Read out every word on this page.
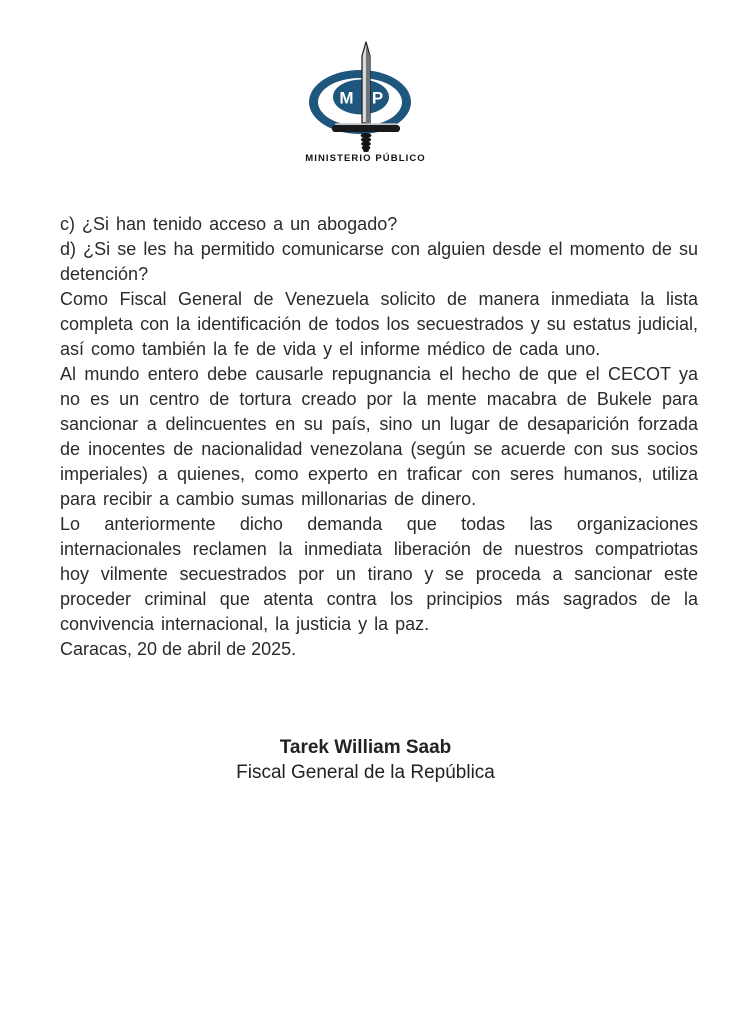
M P
MINISTERIO PÚBLICO

c) ¿Si han tenido acceso a un abogado?

d) ¿Si se les ha permitido comunicarse con alguien desde el momento de su detención?

Como Fiscal General de Venezuela solicito de manera inmediata la lista completa con la identificación de todos los secuestrados y su estatus judicial, así como también la fe de vida y el informe médico de cada uno.

Al mundo entero debe causarle repugnancia el hecho de que el CECOT ya no es un centro de tortura creado por la mente macabra de Bukele para sancionar a delincuentes en su país, sino un lugar de desaparición forzada de inocentes de nacionalidad venezolana (según se acuerde con sus socios imperiales) a quienes, como experto en traficar con seres humanos, utiliza para recibir a cambio sumas millonarias de dinero.

Lo anteriormente dicho demanda que todas las organizaciones internacionales reclamen la inmediata liberación de nuestros compatriotas hoy vilmente secuestrados por un tirano y se proceda a sancionar este proceder criminal que atenta contra los principios más sagrados de la convivencia internacional, la justicia y la paz.

Caracas, 20 de abril de 2025.

Tarek William Saab

Fiscal General de la República
